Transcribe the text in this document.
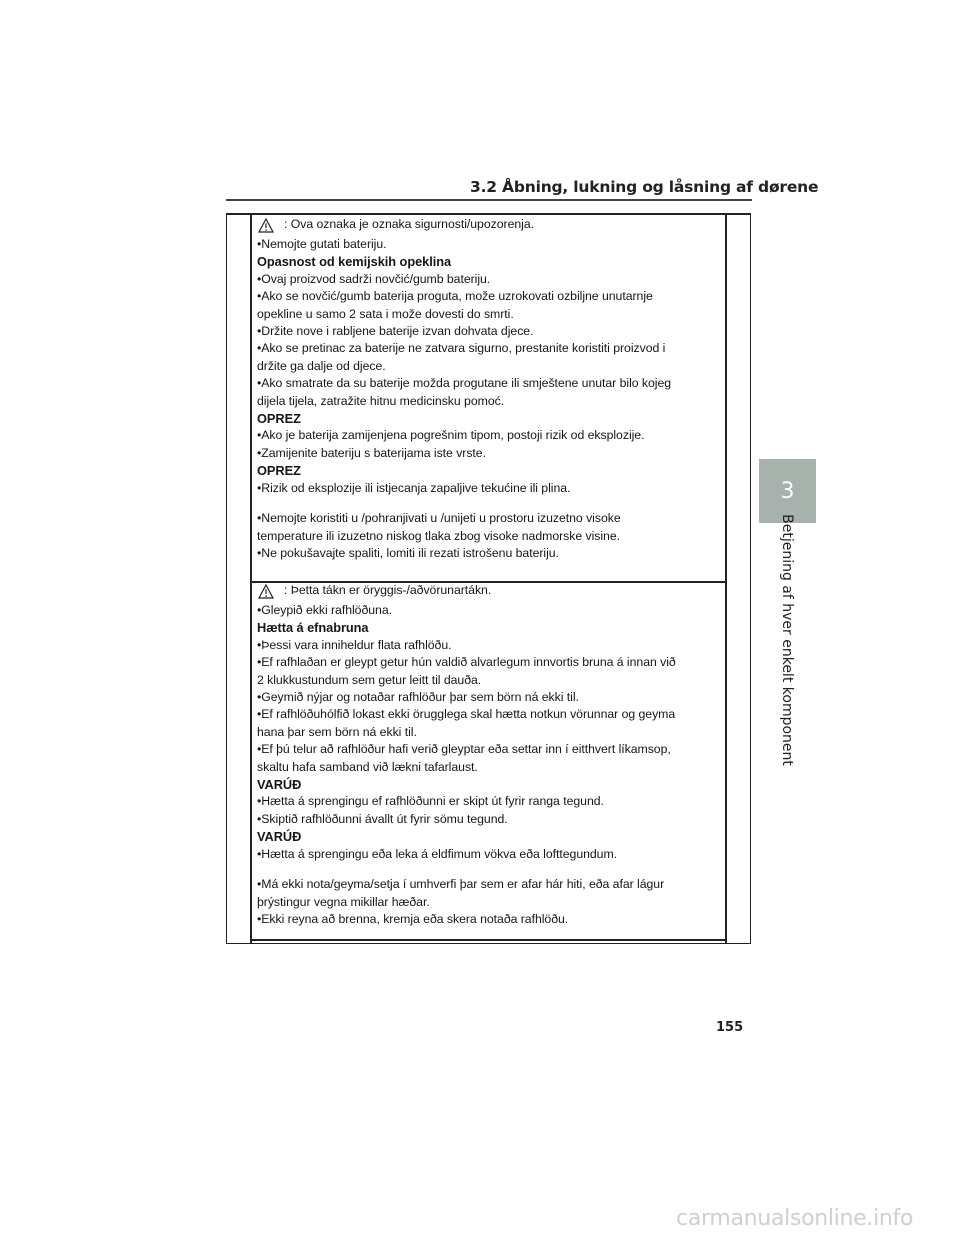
3.2 Åbning, lukning og låsning af dørene
3
Betjening af hver enkelt komponent
: Ova oznaka je oznaka sigurnosti/upozorenja.
•Nemojte gutati bateriju.
Opasnost od kemijskih opeklina
•Ovaj proizvod sadrži novčić/gumb bateriju.
•Ako se novčić/gumb baterija proguta, može uzrokovati ozbiljne unutarnje
opekline u samo 2 sata i može dovesti do smrti.
•Držite nove i rabljene baterije izvan dohvata djece.
•Ako se pretinac za baterije ne zatvara sigurno, prestanite koristiti proizvod i
držite ga dalje od djece.
•Ako smatrate da su baterije možda progutane ili smještene unutar bilo kojeg
dijela tijela, zatražite hitnu medicinsku pomoć.
OPREZ
•Ako je baterija zamijenjena pogrešnim tipom, postoji rizik od eksplozije.
•Zamijenite bateriju s baterijama iste vrste.
OPREZ
•Rizik od eksplozije ili istjecanja zapaljive tekućine ili plina.
•Nemojte koristiti u /pohranjivati u /unijeti u prostoru izuzetno visoke
temperature ili izuzetno niskog tlaka zbog visoke nadmorske visine.
•Ne pokušavajte spaliti, lomiti ili rezati istrošenu bateriju.
: Þetta tákn er öryggis-/aðvörunartákn.
•Gleypið ekki rafhlöðuna.
Hætta á efnabruna
•Þessi vara inniheldur flata rafhlöðu.
•Ef rafhlaðan er gleypt getur hún valdið alvarlegum innvortis bruna á innan við
2 klukkustundum sem getur leitt til dauða.
•Geymið nýjar og notaðar rafhlöður þar sem börn ná ekki til.
•Ef rafhlöðuhólfið lokast ekki örugglega skal hætta notkun vörunnar og geyma
hana þar sem börn ná ekki til.
•Ef þú telur að rafhlöður hafi verið gleyptar eða settar inn í eitthvert líkamsop,
skaltu hafa samband við lækni tafarlaust.
VARÚÐ
•Hætta á sprengingu ef rafhlöðunni er skipt út fyrir ranga tegund.
•Skiptið rafhlöðunni ávallt út fyrir sömu tegund.
VARÚÐ
•Hætta á sprengingu eða leka á eldfimum vökva eða lofttegundum.
•Má ekki nota/geyma/setja í umhverfi þar sem er afar hár hiti, eða afar lágur
þrýstingur vegna mikillar hæðar.
•Ekki reyna að brenna, kremja eða skera notaða rafhlöðu.
155
carmanualsonline.info
